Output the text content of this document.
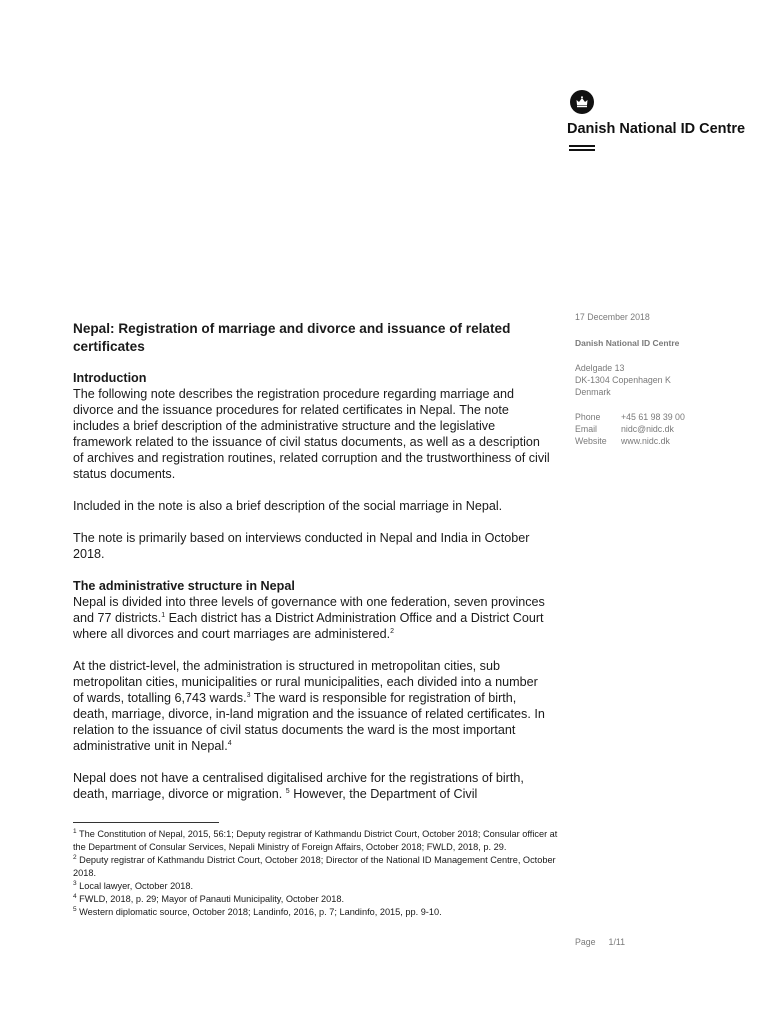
Danish National ID Centre
17 December 2018
Danish National ID Centre
Adelgade 13
DK-1304 Copenhagen K
Denmark
Phone	+45 61 98 39 00
Email	nidc@nidc.dk
Website	www.nidc.dk
Nepal: Registration of marriage and divorce and issuance of related certificates
Introduction

The following note describes the registration procedure regarding marriage and divorce and the issuance procedures for related certificates in Nepal. The note includes a brief description of the administrative structure and the legislative framework related to the issuance of civil status documents, as well as a description of archives and registration routines, related corruption and the trustworthiness of civil status documents.

Included in the note is also a brief description of the social marriage in Nepal.

The note is primarily based on interviews conducted in Nepal and India in October 2018.

The administrative structure in Nepal

Nepal is divided into three levels of governance with one federation, seven provinces and 77 districts.$^1$ Each district has a District Administration Office and a District Court where all divorces and court marriages are administered.$^2$

At the district-level, the administration is structured in metropolitan cities, sub metropolitan cities, municipalities or rural municipalities, each divided into a number of wards, totalling 6,743 wards.$^3$ The ward is responsible for registration of birth, death, marriage, divorce, in-land migration and the issuance of related certificates. In relation to the issuance of civil status documents the ward is the most important administrative unit in Nepal.$^4$

Nepal does not have a centralised digitalised archive for the registrations of birth, death, marriage, divorce or migration. $^5$ However, the Department of Civil

$^1$ The Constitution of Nepal, 2015, 56:1; Deputy registrar of Kathmandu District Court, October 2018; Consular officer at the Department of Consular Services, Nepali Ministry of Foreign Affairs, October 2018; FWLD, 2018, p. 29.
$^2$ Deputy registrar of Kathmandu District Court, October 2018; Director of the National ID Management Centre, October 2018.
$^3$ Local lawyer, October 2018.
$^4$ FWLD, 2018, p. 29; Mayor of Panauti Municipality, October 2018.
$^5$ Western diplomatic source, October 2018; Landinfo, 2016, p. 7; Landinfo, 2015, pp. 9-10.
Page 1/11
